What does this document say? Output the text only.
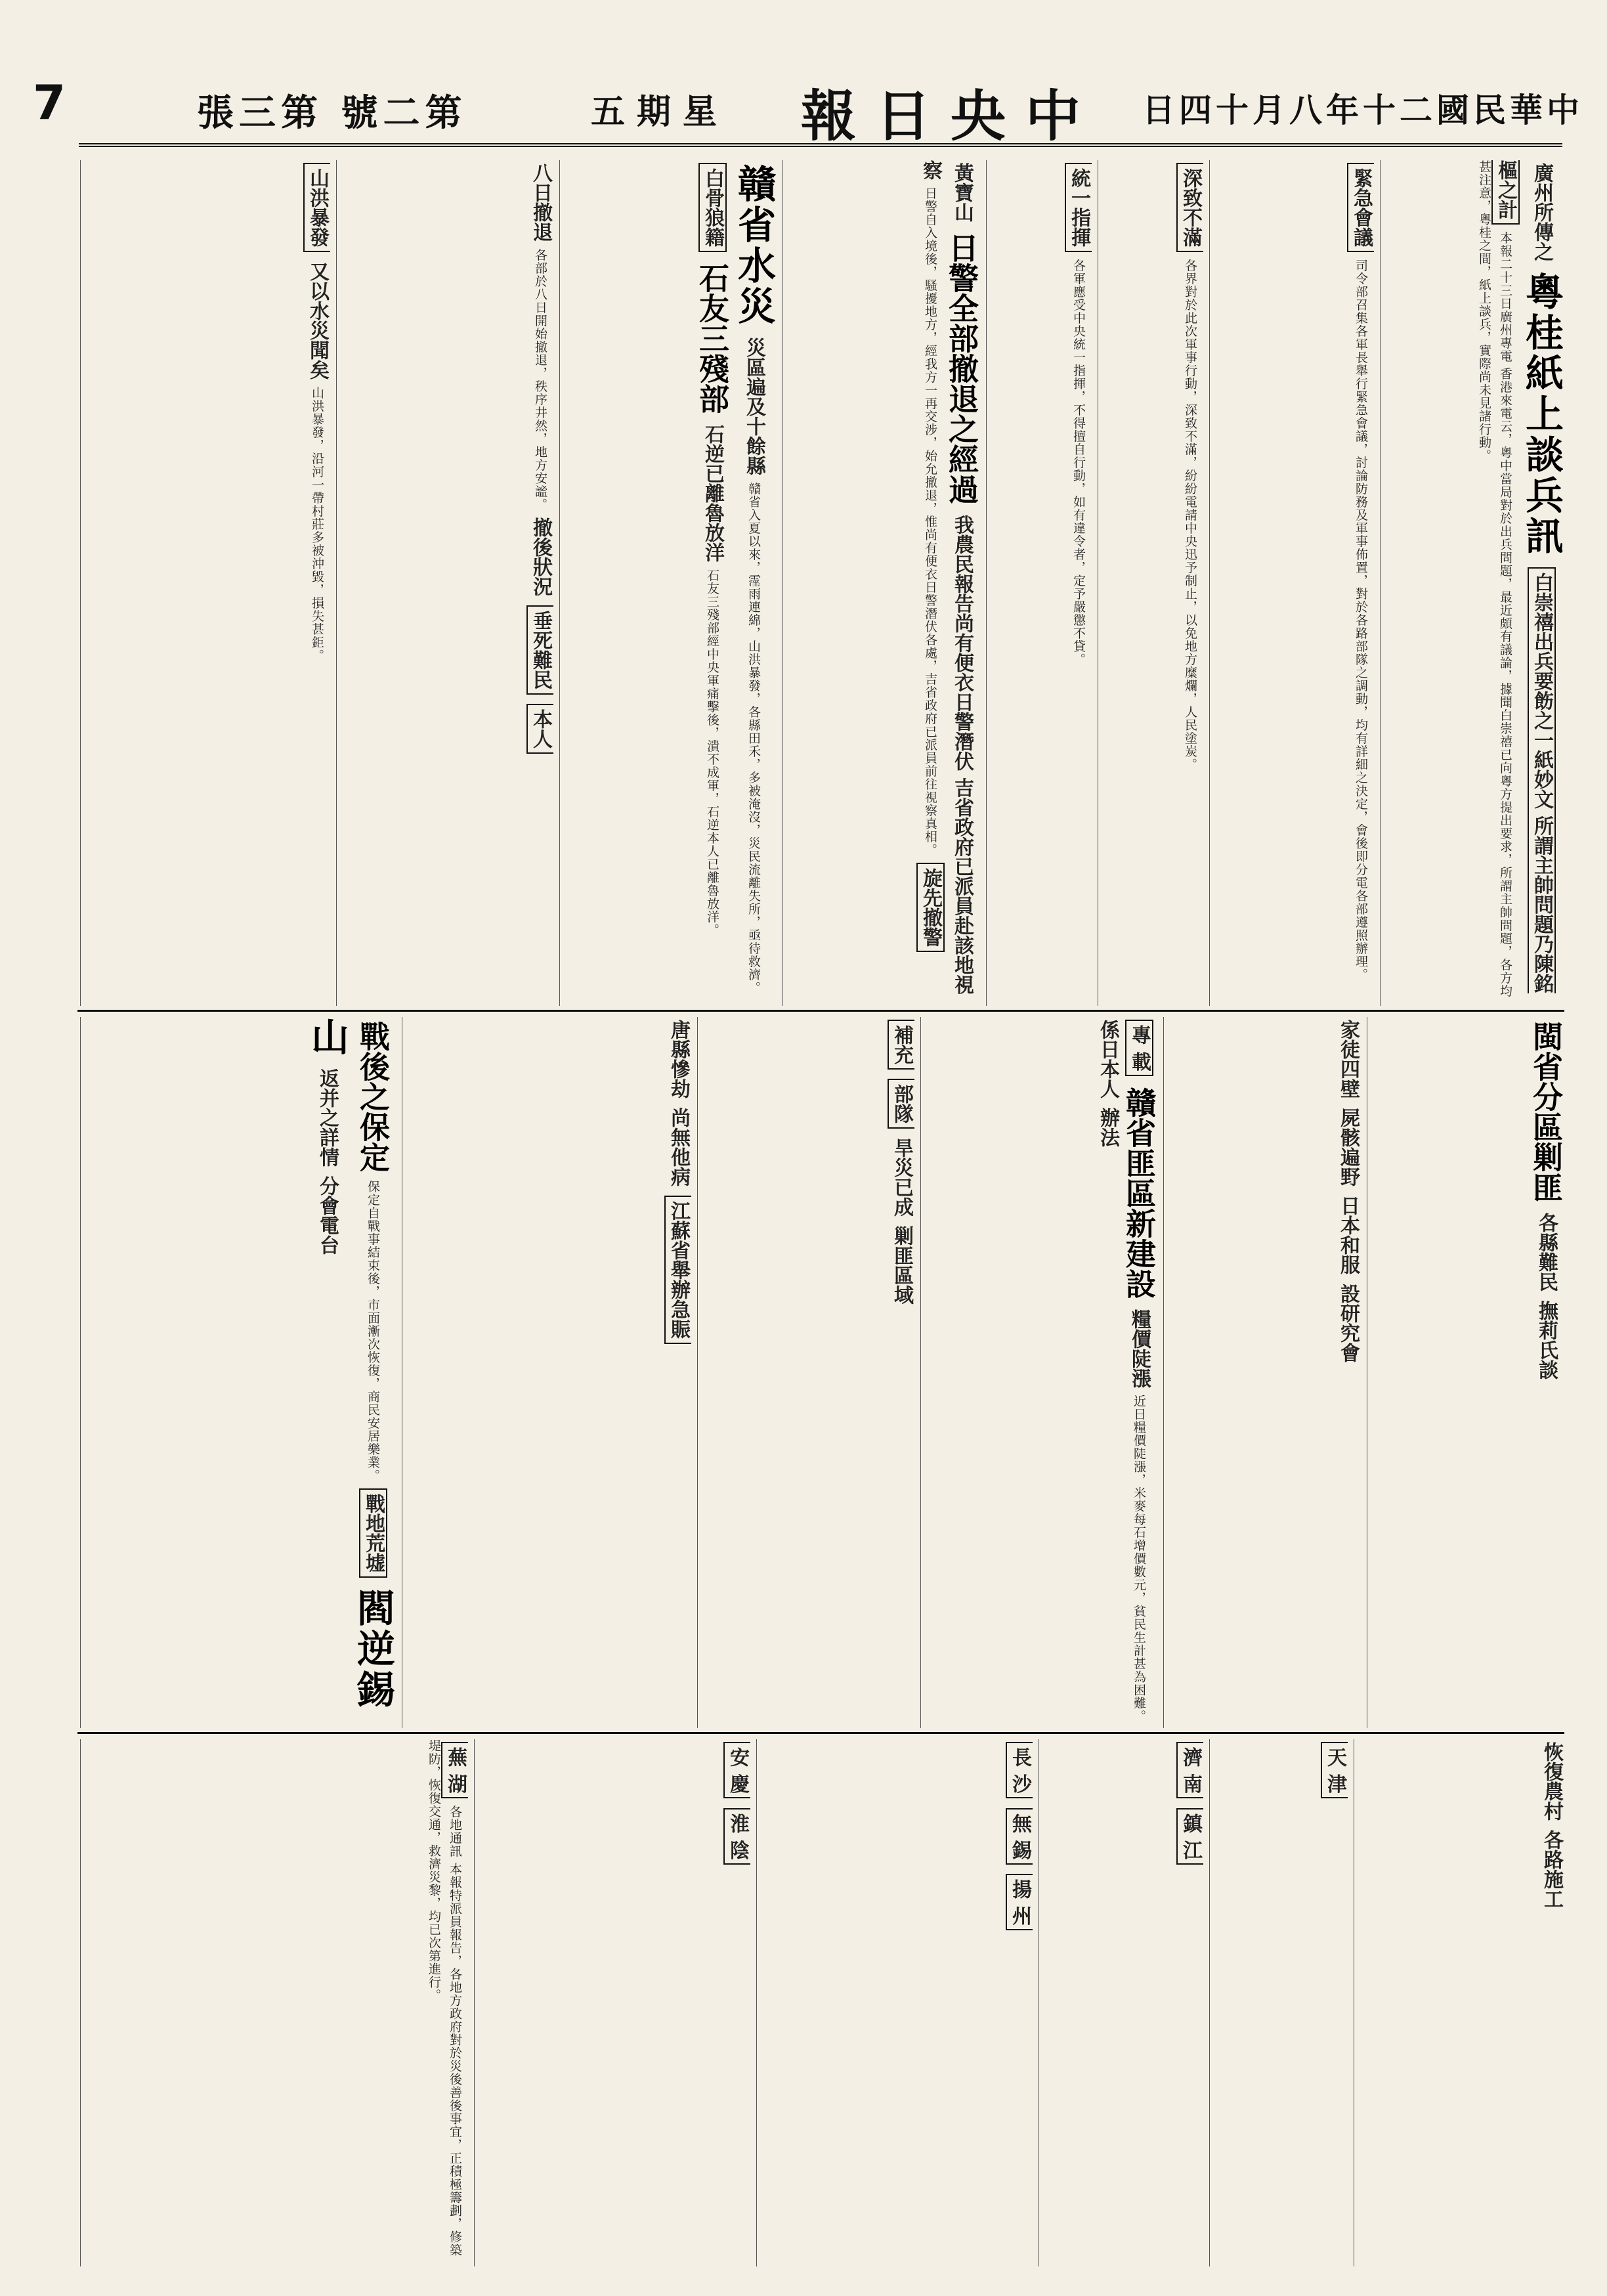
7	張三第 號二第	五期星 報日央中 日四十月八年十二國民華中
廣州所傳之 粵桂紙上談兵訊 白崇禧出兵要飭之一紙妙文 所謂主帥問題乃陳銘樞之計 本報二十三日廣州專電 香港來電云，粵中當局對於出兵問題，最近頗有議論，據聞白崇禧已向粵方提出要求，所謂主帥問題，各方均甚注意，粵桂之間，紙上談兵，實際尚未見諸行動。
緊急會議 司令部召集各軍長舉行緊急會議，討論防務及軍事佈置，對於各路部隊之調動，均有詳細之決定，會後即分電各部遵照辦理。
深致不滿 各界對於此次軍事行動，深致不滿，紛紛電請中央迅予制止，以免地方糜爛，人民塗炭。
統一指揮 各軍應受中央統一指揮，不得擅自行動，如有違令者，定予嚴懲不貸。
黃寶山 日警全部撤退之經過 我農民報告尚有便衣日警潛伏 吉省政府已派員赴該地視察 日警自入境後，騷擾地方，經我方一再交涉，始允撤退，惟尚有便衣日警潛伏各處，吉省政府已派員前往視察真相。 旋先撤警
贛省水災 災區遍及十餘縣 贛省入夏以來，霪雨連綿，山洪暴發，各縣田禾，多被淹沒，災民流離失所，亟待救濟。 白骨狼籍 石友三殘部 石逆已離魯放洋 石友三殘部經中央軍痛擊後，潰不成軍，石逆本人已離魯放洋。
八日撤退 各部於八日開始撤退，秩序井然，地方安謐。 撤後狀況 垂死難民 本人
山洪暴發 又以水災聞矣 山洪暴發，沿河一帶村莊多被沖毀，損失甚鉅。
閩省分區剿匪 各縣難民 撫莉氏談
家徒四壁 屍骸遍野 日本和服 設研究會
專 載 贛省匪區新建設 糧價陡漲 近日糧價陡漲，米麥每石增價數元，貧民生計甚為困難。 係日本人 辦法
補充 部隊 旱災已成 剿匪區域
唐縣慘劫 尚無他病 江蘇省舉辦急賑
戰後之保定 保定自戰事結束後，市面漸次恢復，商民安居樂業。 戰地荒墟 閻逆錫山 返并之詳情 分會電台
恢復農村 各路施工
天 津
濟 南 鎮 江
長 沙 無 錫 揚 州
安 慶 淮 陰
蕪 湖 各地通訊 本報特派員報告，各地方政府對於災後善後事宜，正積極籌劃，修築堤防，恢復交通，救濟災黎，均已次第進行。
